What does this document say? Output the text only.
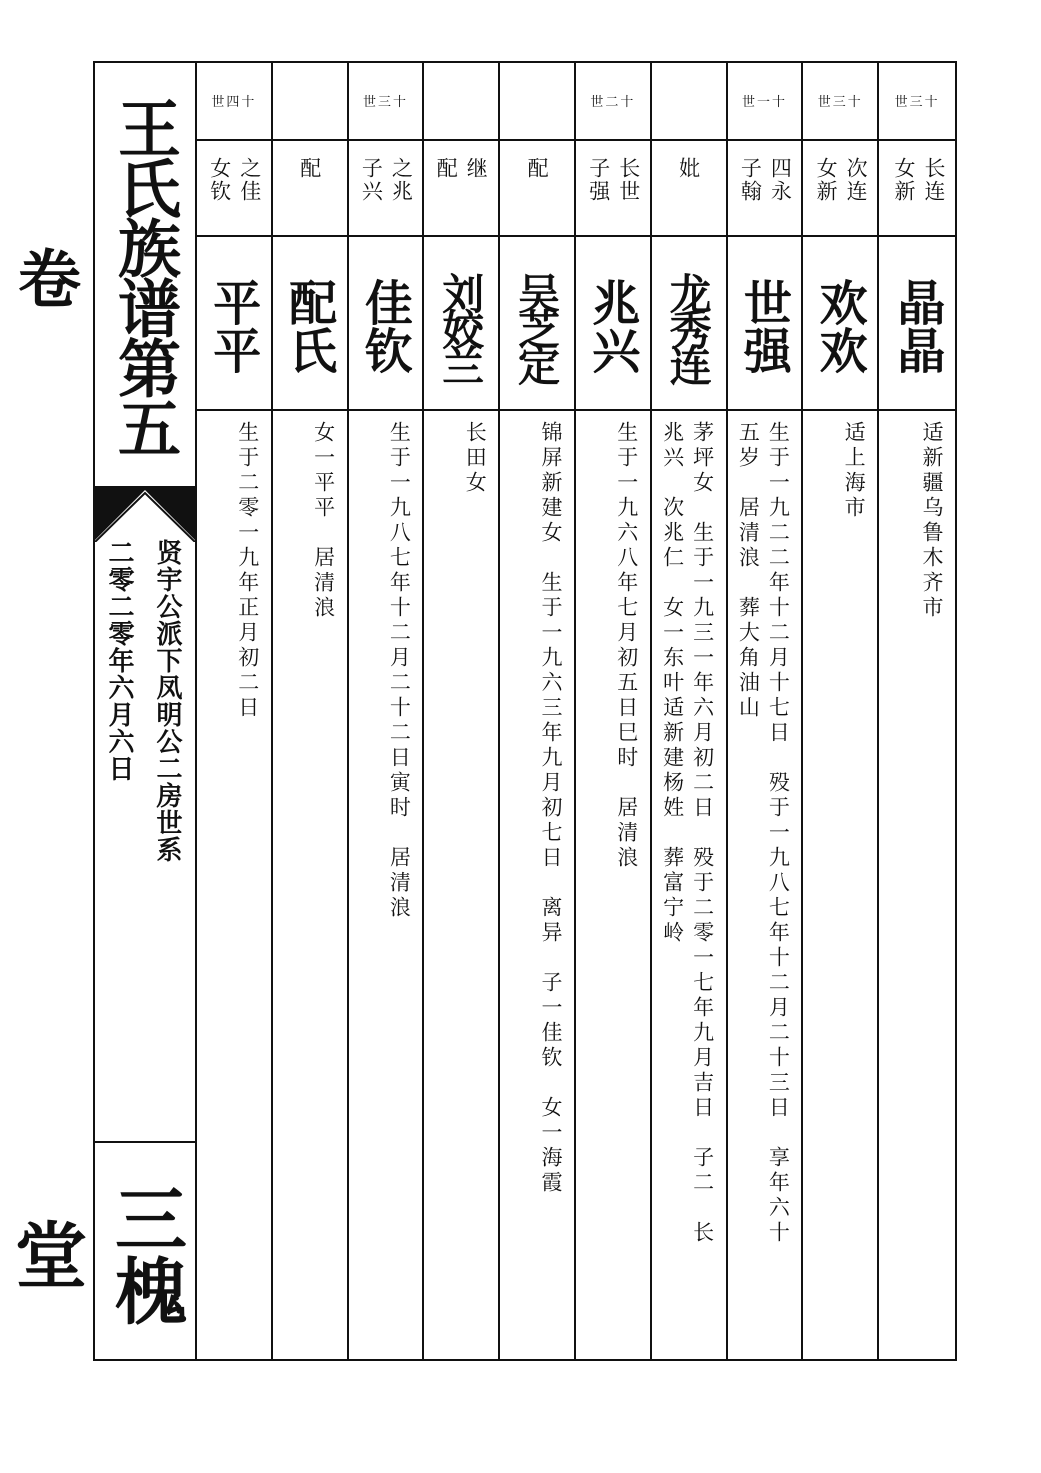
王氏族谱第五卷
贤宇公派下凤明公二房世系
二零二零年六月六日
三槐堂
世四十
之佳
女钦
平平
生于二零一九年正月初二日
配
配氏
女一平平　居清浪
世三十
之兆
子兴
佳钦
生于一九八七年十二月二十二日寅时　居清浪
继
配
刘姣兰
长田女
配
吴芝定
锦屏新建女　生于一九六三年九月初七日　离异　子一佳钦　女一海霞
世二十
长世
子强
兆兴
生于一九六八年七月初五日巳时　居清浪
妣
龙秀连
茅坪女　生于一九三一年六月初二日　殁于二零一七年九月吉日　子二　长
兆兴　次兆仁　女一东叶适新建杨姓　葬富宁岭
世一十
四永
子翰
世强
生于一九二二年十二月十七日　殁于一九八七年十二月二十三日　享年六十
五岁　居清浪　葬大角油山
世三十
次连
女新
欢欢
适上海市
世三十
长连
女新
晶晶
适新疆乌鲁木齐市
